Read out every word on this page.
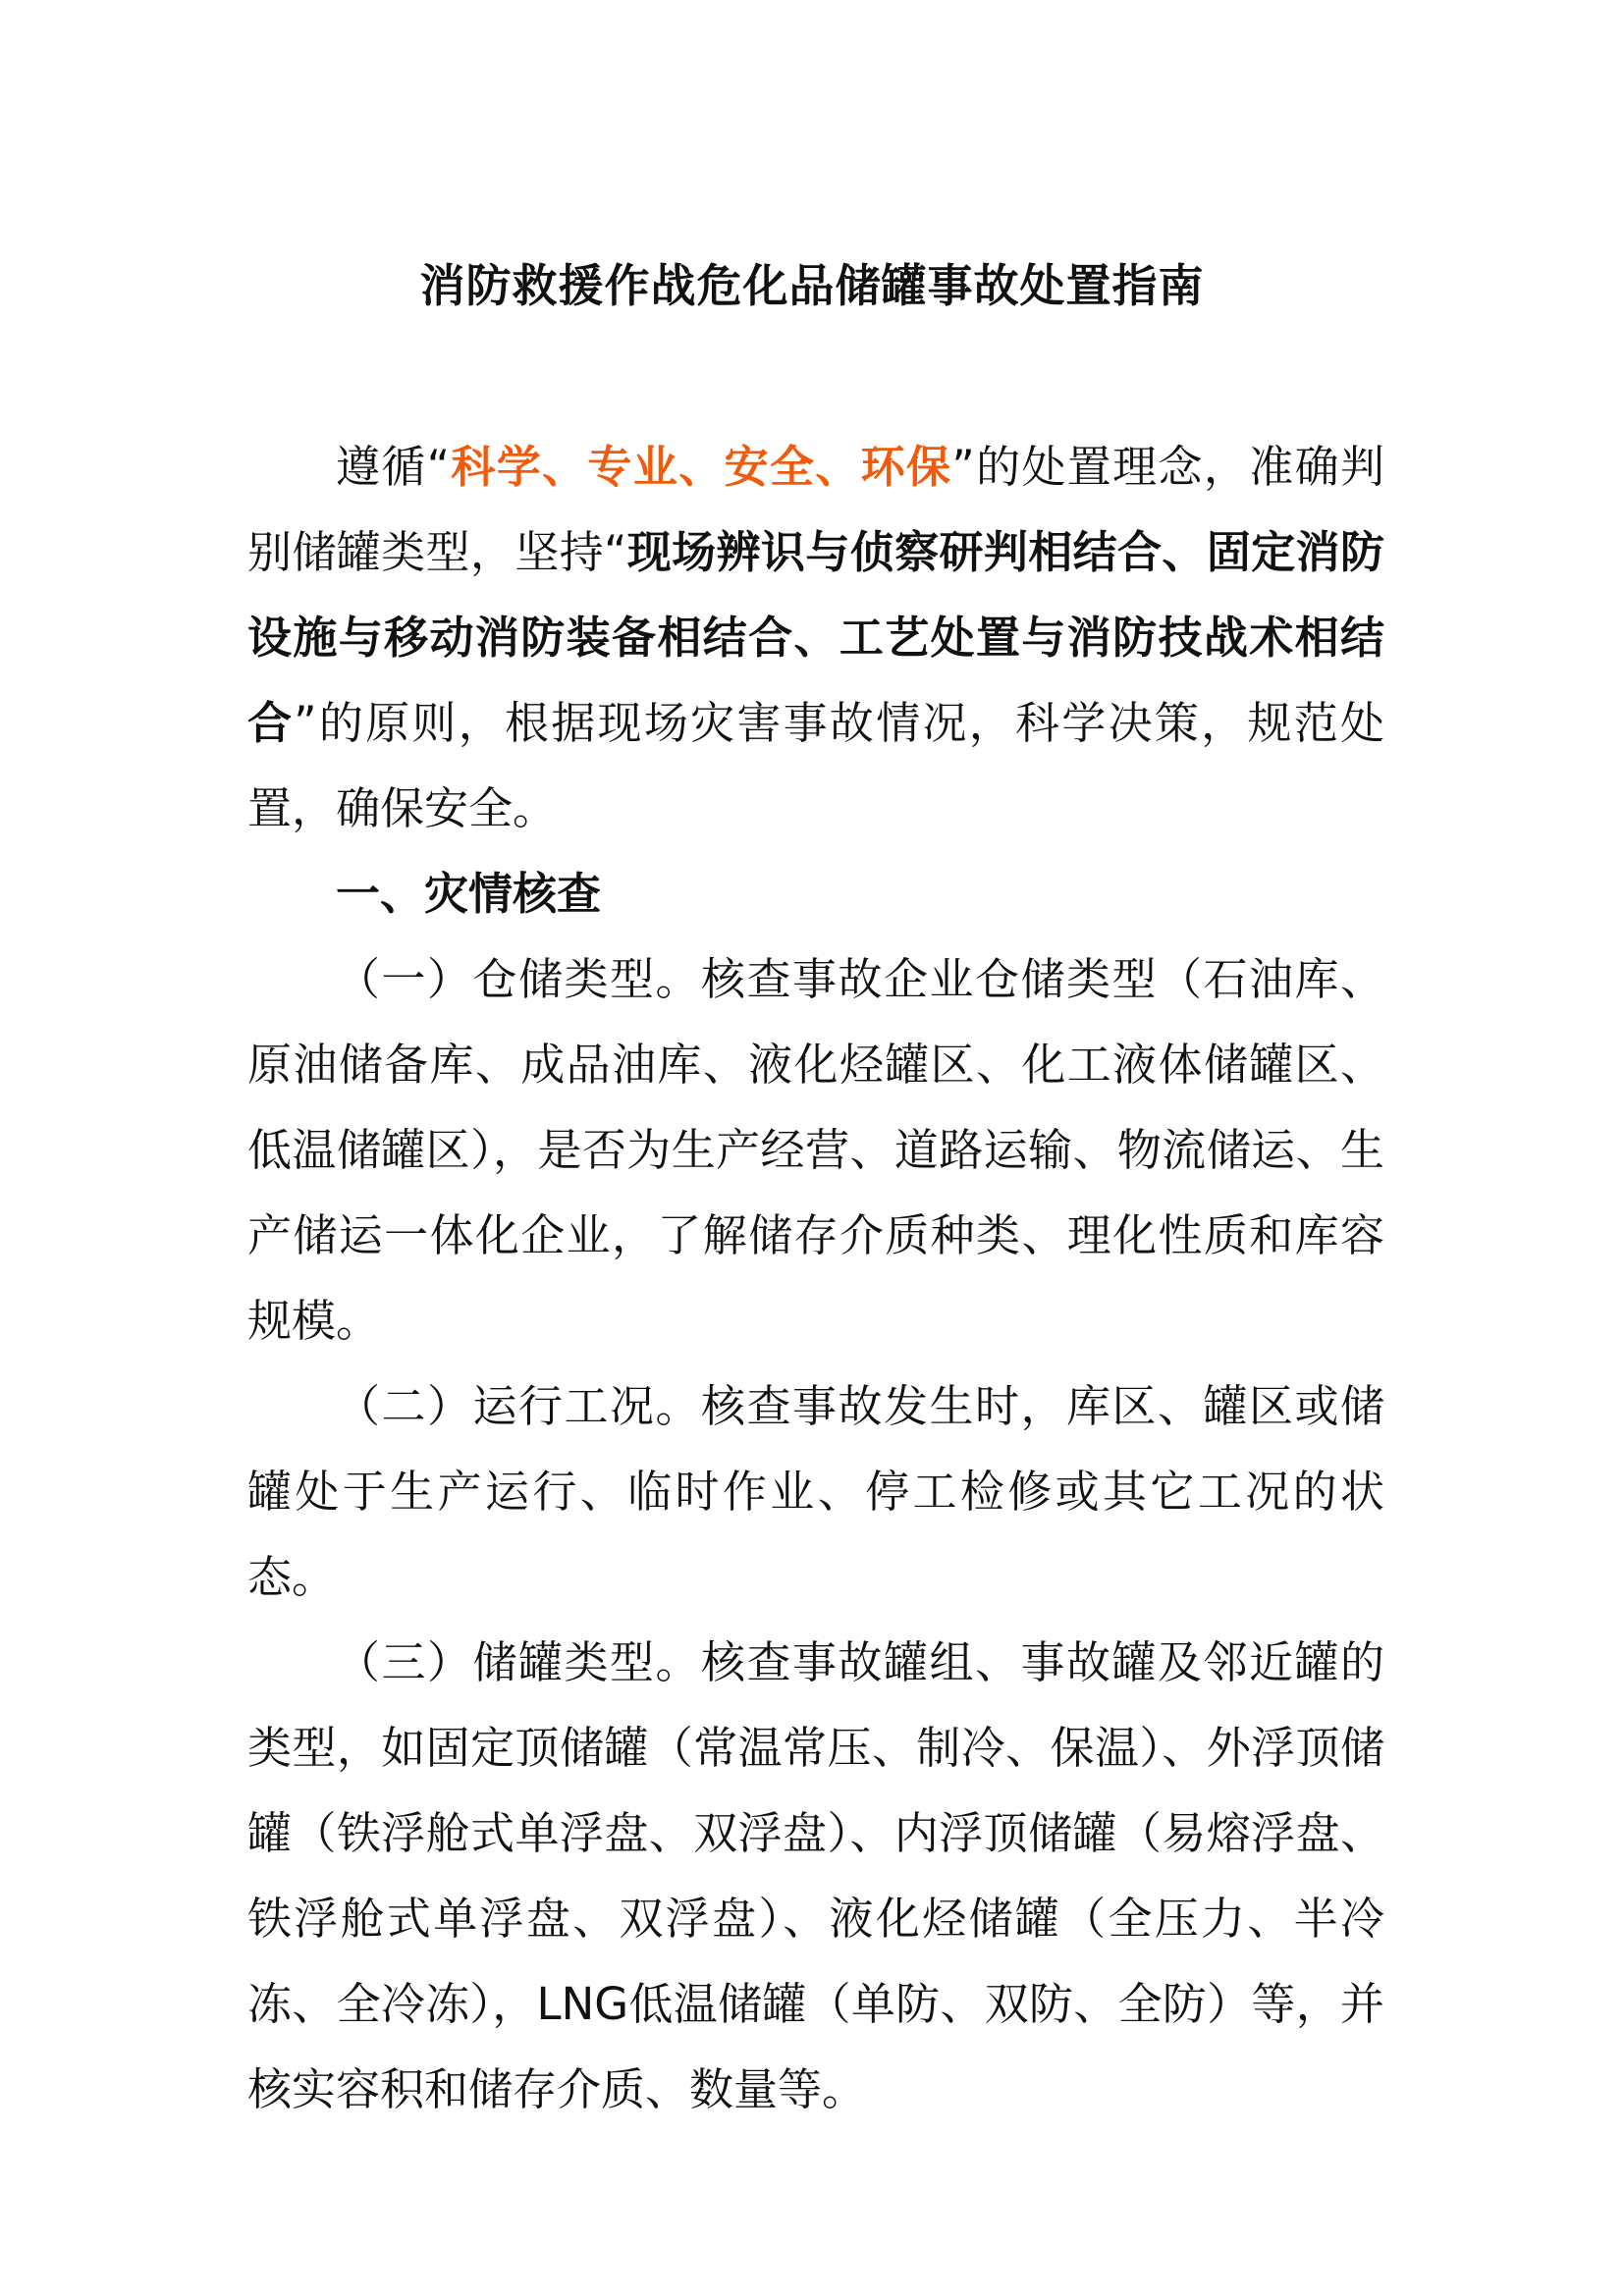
消防救援作战危化品储罐事故处置指南

遵循“科学、专业、安全、环保”的处置理念，准确判别储罐类型，坚持“现场辨识与侦察研判相结合、固定消防设施与移动消防装备相结合、工艺处置与消防技战术相结合”的原则，根据现场灾害事故情况，科学决策，规范处置，确保安全。

一、灾情核查

（一）仓储类型。核查事故企业仓储类型（石油库、原油储备库、成品油库、液化烃罐区、化工液体储罐区、低温储罐区），是否为生产经营、道路运输、物流储运、生产储运一体化企业，了解储存介质种类、理化性质和库容规模。

（二）运行工况。核查事故发生时，库区、罐区或储罐处于生产运行、临时作业、停工检修或其它工况的状态。

（三）储罐类型。核查事故罐组、事故罐及邻近罐的类型，如固定顶储罐（常温常压、制冷、保温）、外浮顶储罐（铁浮舱式单浮盘、双浮盘）、内浮顶储罐（易熔浮盘、铁浮舱式单浮盘、双浮盘）、液化烃储罐（全压力、半冷冻、全冷冻），LNG低温储罐（单防、双防、全防）等，并核实容积和储存介质、数量等。
